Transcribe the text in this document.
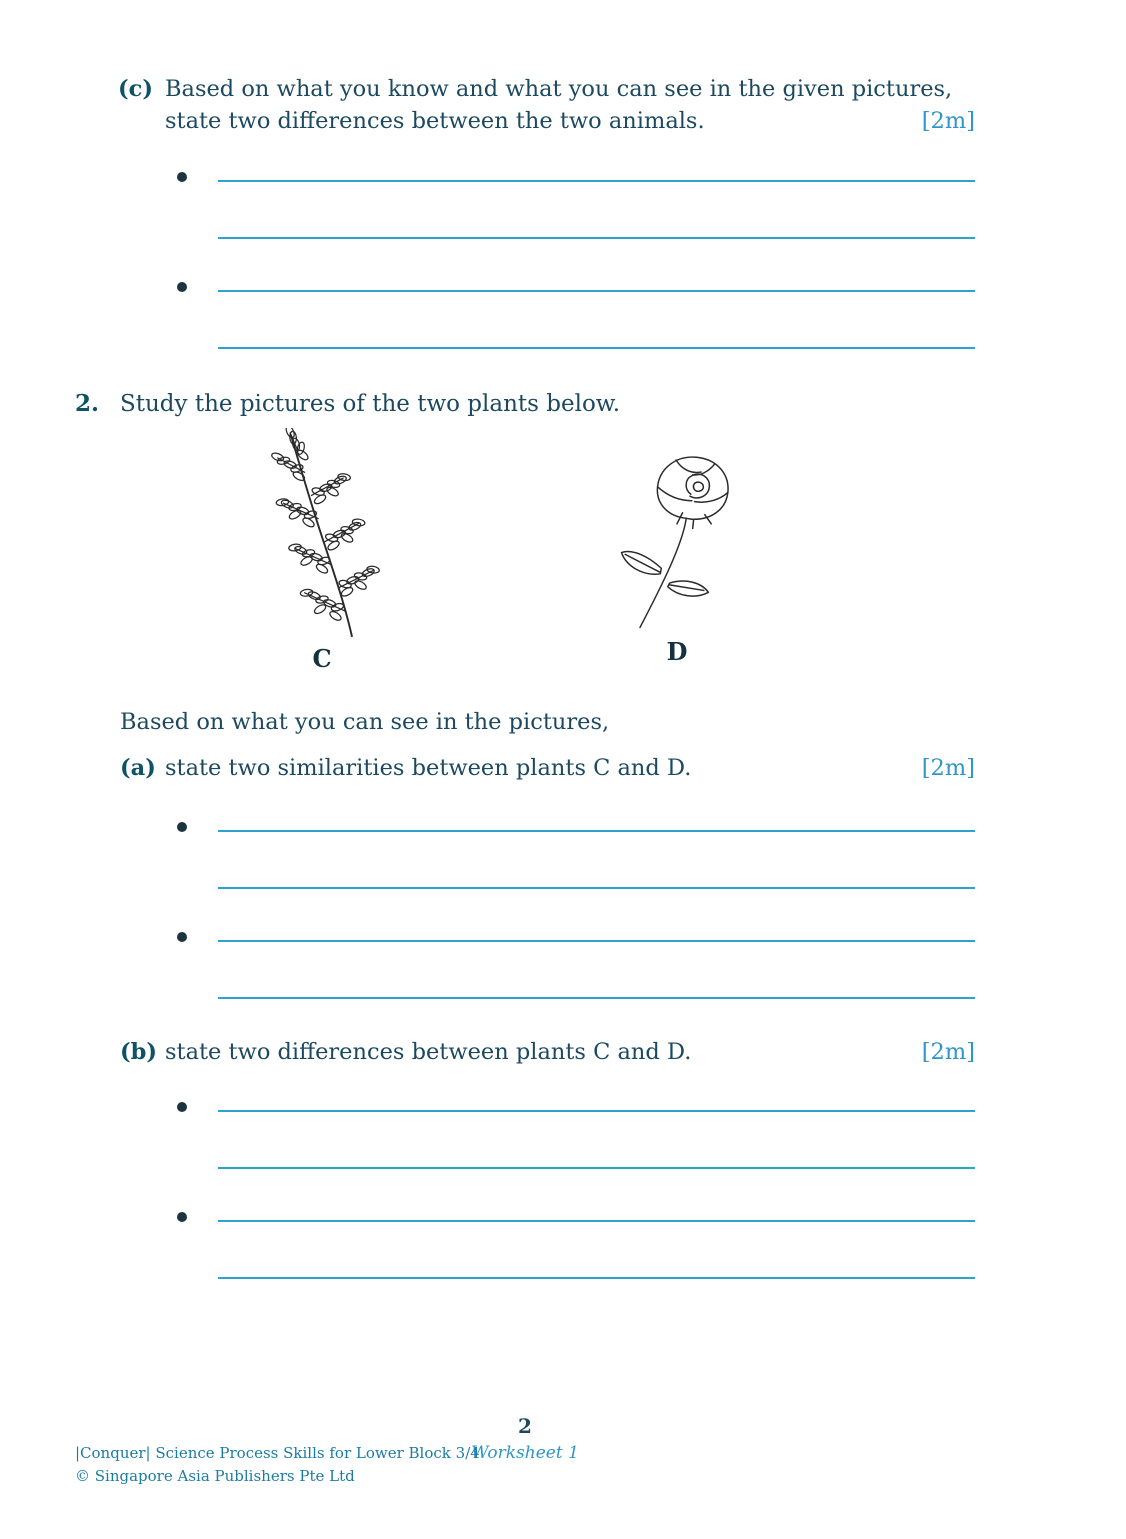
(c) Based on what you know and what you can see in the given pictures, state two differences between the two animals.	[2m]
2. Study the pictures of the two plants below.
C	D
Based on what you can see in the pictures,
(a) state two similarities between plants C and D.	[2m]
(b) state two differences between plants C and D.	[2m]
2
Worksheet 1
|Conquer| Science Process Skills for Lower Block 3/4
© Singapore Asia Publishers Pte Ltd
